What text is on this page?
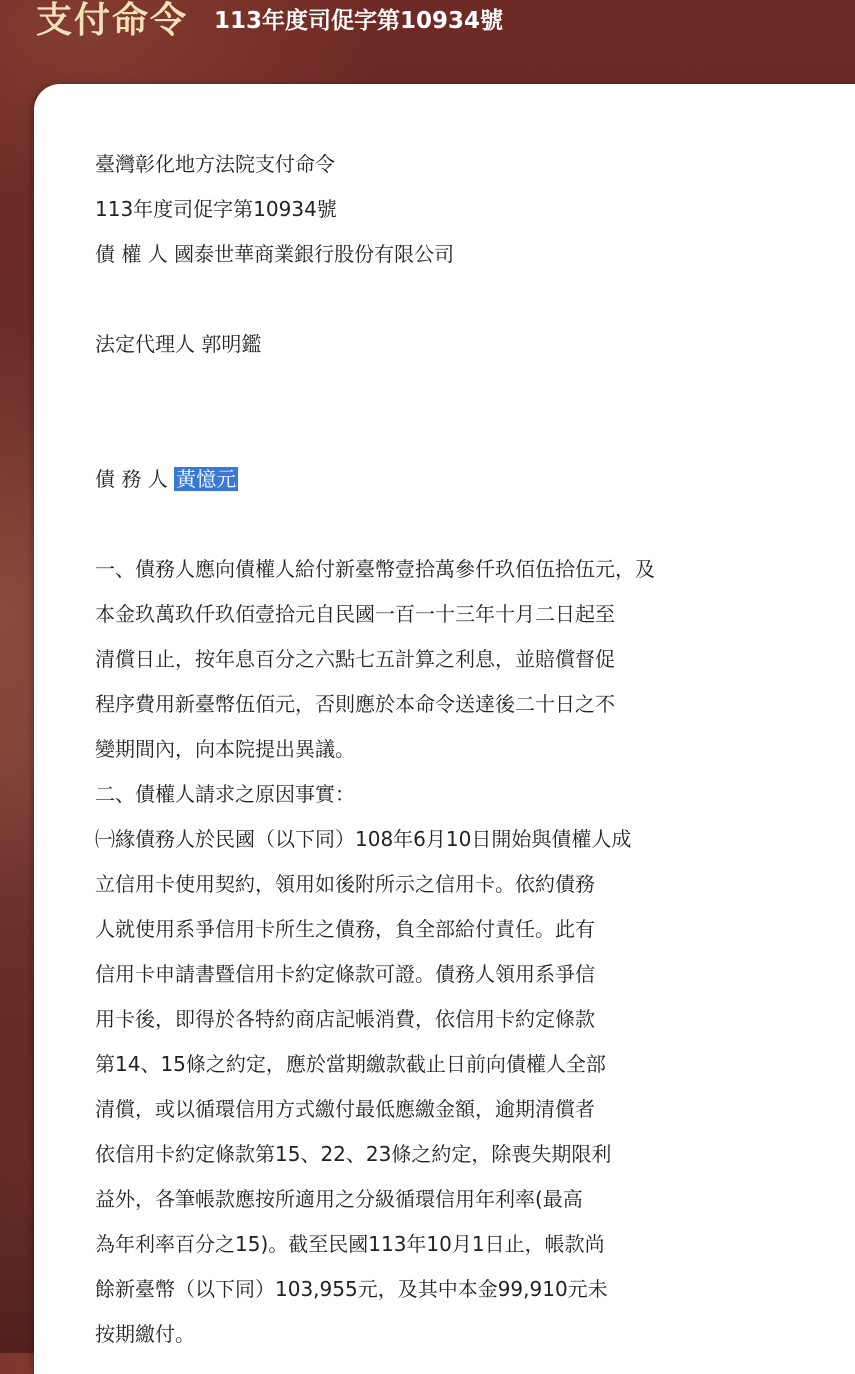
支付命令 113年度司促字第10934號
臺灣彰化地方法院支付命令
113年度司促字第10934號
債 權 人 國泰世華商業銀行股份有限公司
法定代理人 郭明鑑
債 務 人 黃憶元
一、債務人應向債權人給付新臺幣壹拾萬參仟玖佰伍拾伍元，及
本金玖萬玖仟玖佰壹拾元自民國一百一十三年十月二日起至
清償日止，按年息百分之六點七五計算之利息，並賠償督促
程序費用新臺幣伍佰元，否則應於本命令送達後二十日之不
變期間內，向本院提出異議。
二、債權人請求之原因事實：
㈠緣債務人於民國（以下同）108年6月10日開始與債權人成
立信用卡使用契約，領用如後附所示之信用卡。依約債務
人就使用系爭信用卡所生之債務，負全部給付責任。此有
信用卡申請書暨信用卡約定條款可證。債務人領用系爭信
用卡後，即得於各特約商店記帳消費，依信用卡約定條款
第14、15條之約定，應於當期繳款截止日前向債權人全部
清償，或以循環信用方式繳付最低應繳金額，逾期清償者
依信用卡約定條款第15、22、23條之約定，除喪失期限利
益外，各筆帳款應按所適用之分級循環信用年利率(最高
為年利率百分之15)。截至民國113年10月1日止，帳款尚
餘新臺幣（以下同）103,955元，及其中本金99,910元未
按期繳付。
